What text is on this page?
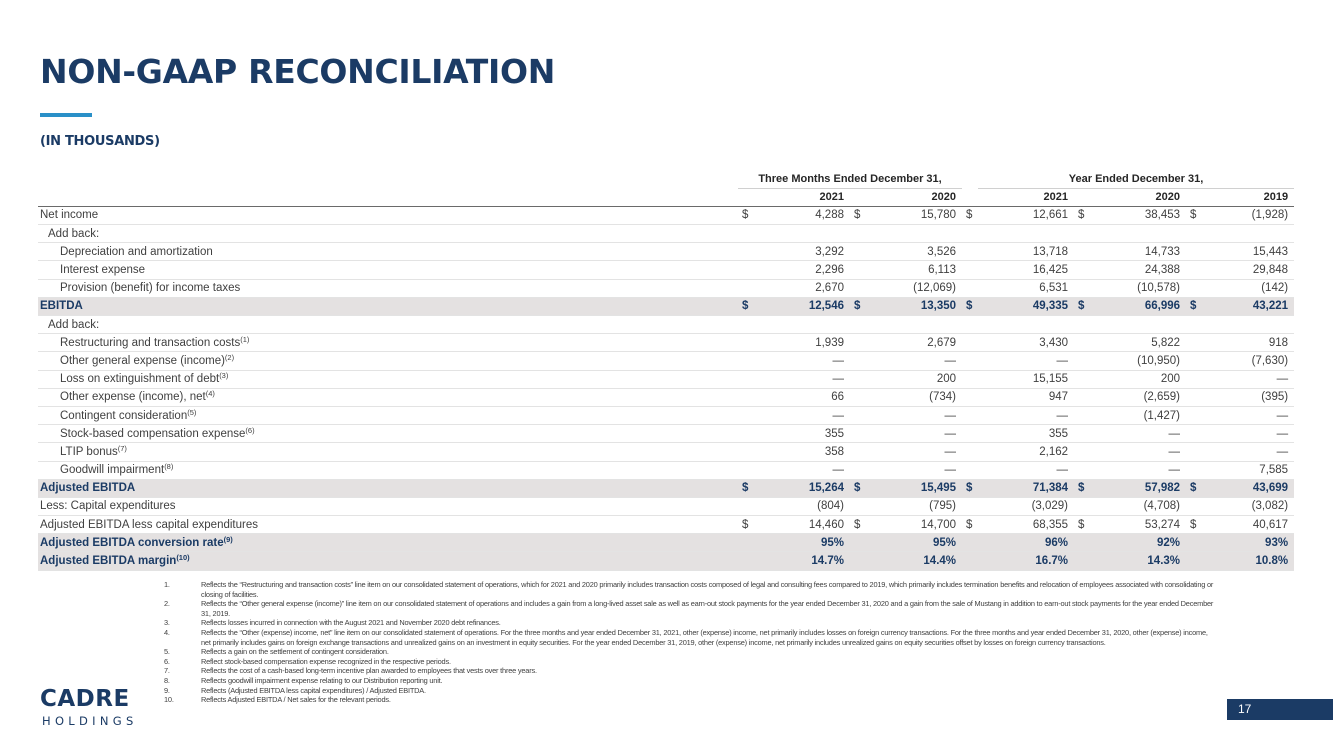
NON-GAAP RECONCILIATION
(IN THOUSANDS)
	Three Months Ended December 31,					Year Ended December 31,				
		2021		2020		2021		2020		2019
Net income	$	4,288	$	15,780	$	12,661	$	38,453	$	(1,928)
Add back:										
Depreciation and amortization		3,292		3,526		13,718		14,733		15,443
Interest expense		2,296		6,113		16,425		24,388		29,848
Provision (benefit) for income taxes		2,670		(12,069)		6,531		(10,578)		(142)
EBITDA	$	12,546	$	13,350	$	49,335	$	66,996	$	43,221
Add back:										
Restructuring and transaction costs$^{(1)}$		1,939		2,679		3,430		5,822		918
Other general expense (income)$^{(2)}$		—		—		—		(10,950)		(7,630)
Loss on extinguishment of debt$^{(3)}$		—		200		15,155		200		—
Other expense (income), net$^{(4)}$		66		(734)		947		(2,659)		(395)
Contingent consideration$^{(5)}$		—		—		—		(1,427)		—
Stock-based compensation expense$^{(6)}$		355		—		355		—		—
LTIP bonus$^{(7)}$		358		—		2,162		—		—
Goodwill impairment$^{(8)}$		—		—		—		—		7,585
Adjusted EBITDA	$	15,264	$	15,495	$	71,384	$	57,982	$	43,699
Less: Capital expenditures		(804)		(795)		(3,029)		(4,708)		(3,082)
Adjusted EBITDA less capital expenditures	$	14,460	$	14,700	$	68,355	$	53,274	$	40,617
Adjusted EBITDA conversion rate$^{(9)}$		95%		95%		96%		92%		93%
Adjusted EBITDA margin$^{(10)}$		14.7%		14.4%		16.7%		14.3%		10.8%
1.	Reflects the “Restructuring and transaction costs” line item on our consolidated statement of operations, which for 2021 and 2020 primarily includes transaction costs composed of legal and consulting fees compared to 2019, which primarily includes termination benefits and relocation of employees associated with consolidating or closing of facilities.
2.	Reflects the “Other general expense (income)” line item on our consolidated statement of operations and includes a gain from a long-lived asset sale as well as earn-out stock payments for the year ended December 31, 2020 and a gain from the sale of Mustang in addition to earn-out stock payments for the year ended December 31, 2019.
3.	Reflects losses incurred in connection with the August 2021 and November 2020 debt refinances.
4.	Reflects the “Other (expense) income, net” line item on our consolidated statement of operations. For the three months and year ended December 31, 2021, other (expense) income, net primarily includes losses on foreign currency transactions. For the three months and year ended December 31, 2020, other (expense) income, net primarily includes gains on foreign exchange transactions and unrealized gains on an investment in equity securities. For the year ended December 31, 2019, other (expense) income, net primarily includes unrealized gains on equity securities offset by losses on foreign currency transactions.
5.	Reflects a gain on the settlement of contingent consideration.
6.	Reflect stock-based compensation expense recognized in the respective periods.
7.	Reflects the cost of a cash-based long-term incentive plan awarded to employees that vests over three years.
8.	Reflects goodwill impairment expense relating to our Distribution reporting unit.
9.	Reflects (Adjusted EBITDA less capital expenditures) / Adjusted EBITDA.
10.	Reflects Adjusted EBITDA / Net sales for the relevant periods.
CADRE
HOLDINGS
17
